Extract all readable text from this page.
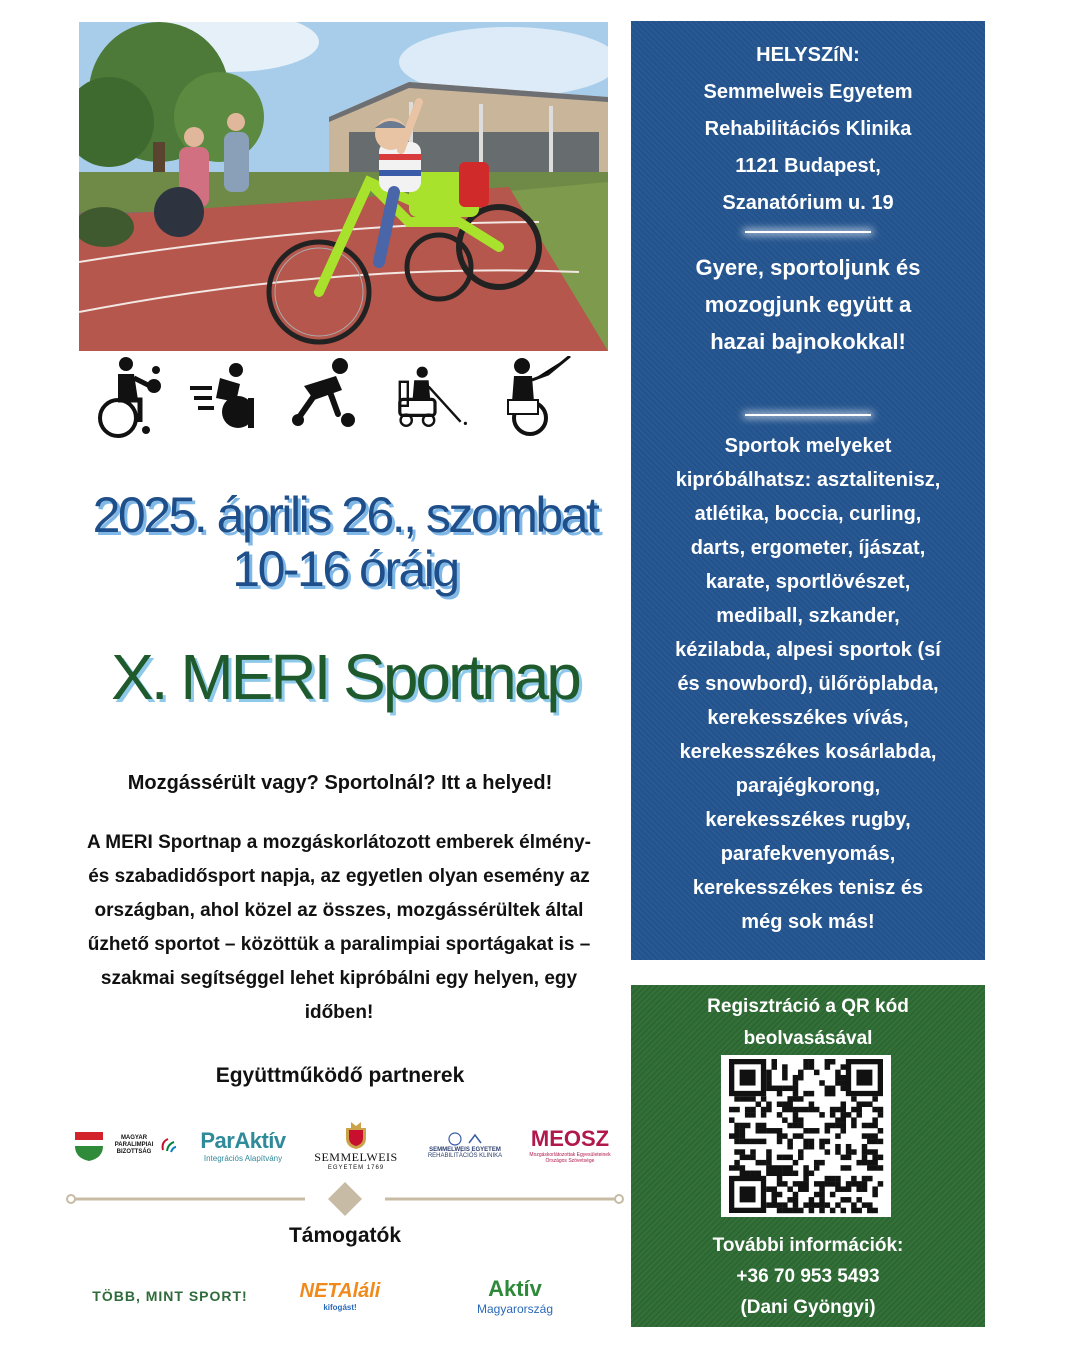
2025. április 26., szombat
10-16 óráig
X. MERI Sportnap
Mozgássérült vagy? Sportolnál? Itt a helyed!
A MERI Sportnap a mozgáskorlátozott emberek élmény- és szabadidősport napja, az egyetlen olyan esemény az országban, ahol közel az összes, mozgássérültek által űzhető sportot – közöttük a paralimpiai sportágakat is – szakmai segítséggel lehet kipróbálni egy helyen, egy időben!
Együttműködő partnerek
MAGYAR PARALIMPIAI BIZOTTSÁG	ParAktív
Integrációs Alapítvány	SEMMELWEIS
EGYETEM 1769
SEMMELWEIS EGYETEM
REHABILITÁCIÓS KLINIKA
MEOSZ
Mozgáskorlátozottak Egyesületeinek Országos Szövetsége
Támogatók
TÖBB, MINT SPORT!	NETAláli
kifogást!
Aktív
Magyarország
HELYSZíN:
Semmelweis Egyetem
Rehabilitációs Klinika
1121 Budapest,
Szanatórium u. 19
Gyere, sportoljunk és
mozogjunk együtt a
hazai bajnokokkal!
Sportok melyeket
kipróbálhatsz: asztalitenisz,
atlétika, boccia, curling,
darts, ergometer, íjászat,
karate, sportlövészet,
mediball, szkander,
kézilabda, alpesi sportok (sí
és snowbord), ülőröplabda,
kerekesszékes vívás,
kerekesszékes kosárlabda,
parajégkorong,
kerekesszékes rugby,
parafekvenyomás,
kerekesszékes tenisz és
még sok más!
Regisztráció a QR kód
beolvasásával
További információk:
+36 70 953 5493
(Dani Gyöngyi)
